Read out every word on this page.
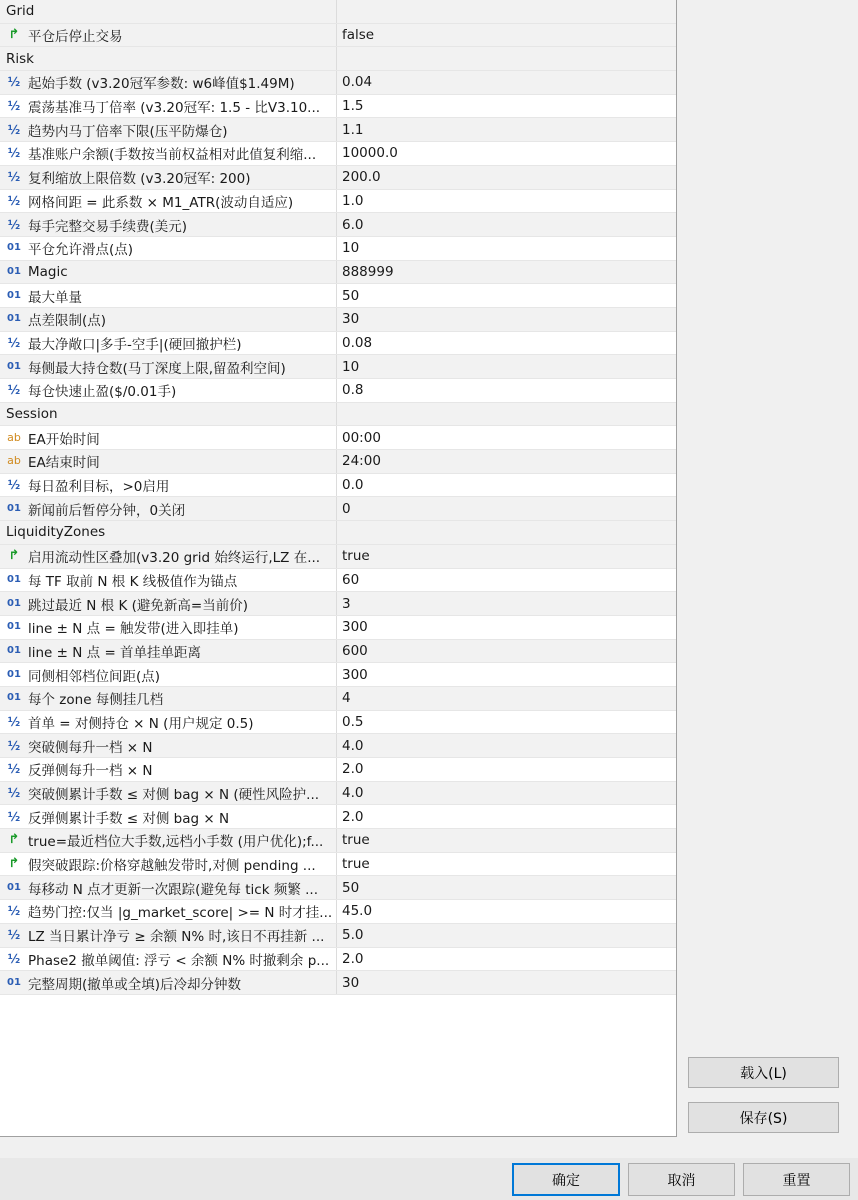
Grid
↱ 平仓后停止交易	false
Risk
½ 起始手数 (v3.20冠军参数: w6峰值$1.49M)	0.04
½ 震荡基准马丁倍率 (v3.20冠军: 1.5 - 比V3.10...	1.5
½ 趋势内马丁倍率下限(压平防爆仓)	1.1
½ 基准账户余额(手数按当前权益相对此值复利缩...	10000.0
½ 复利缩放上限倍数 (v3.20冠军: 200)	200.0
½ 网格间距 = 此系数 × M1_ATR(波动自适应)	1.0
½ 每手完整交易手续费(美元)	6.0
01 平仓允许滑点(点)	10
01 Magic	888999
01 最大单量	50
01 点差限制(点)	30
½ 最大净敞口|多手-空手|(硬回撤护栏)	0.08
01 每侧最大持仓数(马丁深度上限,留盈利空间)	10
½ 每仓快速止盈($/0.01手)	0.8
Session
ab EA开始时间	00:00
ab EA结束时间	24:00
½ 每日盈利目标，>0启用	0.0
01 新闻前后暂停分钟，0关闭	0
LiquidityZones
↱ 启用流动性区叠加(v3.20 grid 始终运行,LZ 在...	true
01 每 TF 取前 N 根 K 线极值作为锚点	60
01 跳过最近 N 根 K (避免新高=当前价)	3
01 line ± N 点 = 触发带(进入即挂单)	300
01 line ± N 点 = 首单挂单距离	600
01 同侧相邻档位间距(点)	300
01 每个 zone 每侧挂几档	4
½ 首单 = 对侧持仓 × N (用户规定 0.5)	0.5
½ 突破侧每升一档 × N	4.0
½ 反弹侧每升一档 × N	2.0
½ 突破侧累计手数 ≤ 对侧 bag × N (硬性风险护...	4.0
½ 反弹侧累计手数 ≤ 对侧 bag × N	2.0
↱ true=最近档位大手数,远档小手数 (用户优化);f...	true
↱ 假突破跟踪:价格穿越触发带时,对侧 pending ...	true
01 每移动 N 点才更新一次跟踪(避免每 tick 频繁 ...	50
½ 趋势门控:仅当 |g_market_score| >= N 时才挂... 45.0
½ LZ 当日累计净亏 ≥ 余额 N% 时,该日不再挂新 ...	5.0
½ Phase2 撤单阈值: 浮亏 < 余额 N% 时撤剩余 p... 2.0
01 完整周期(撤单或全填)后冷却分钟数	30
载入(L)
保存(S)
确定	取消	重置
